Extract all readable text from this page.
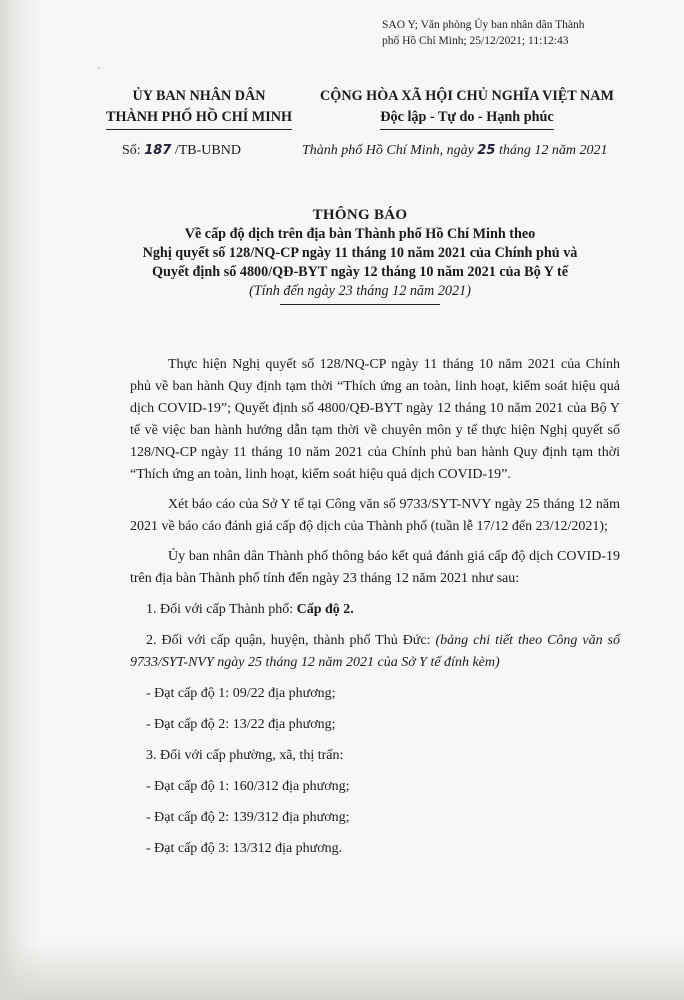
SAO Y; Văn phòng Ủy ban nhân dân Thành
phố Hồ Chí Minh; 25/12/2021; 11:12:43
'
ỦY BAN NHÂN DÂN
THÀNH PHỐ HỒ CHÍ MINH
CỘNG HÒA XÃ HỘI CHỦ NGHĨA VIỆT NAM
Độc lập - Tự do - Hạnh phúc
Số: 187 /TB-UBND	Thành phố Hồ Chí Minh, ngày 25 tháng 12 năm 2021
THÔNG BÁO
Về cấp độ dịch trên địa bàn Thành phố Hồ Chí Minh theo
Nghị quyết số 128/NQ-CP ngày 11 tháng 10 năm 2021 của Chính phủ và
Quyết định số 4800/QĐ-BYT ngày 12 tháng 10 năm 2021 của Bộ Y tế
(Tính đến ngày 23 tháng 12 năm 2021)

Thực hiện Nghị quyết số 128/NQ-CP ngày 11 tháng 10 năm 2021 của Chính phủ về ban hành Quy định tạm thời “Thích ứng an toàn, linh hoạt, kiểm soát hiệu quả dịch COVID-19”; Quyết định số 4800/QĐ-BYT ngày 12 tháng 10 năm 2021 của Bộ Y tế về việc ban hành hướng dẫn tạm thời về chuyên môn y tế thực hiện Nghị quyết số 128/NQ-CP ngày 11 tháng 10 năm 2021 của Chính phủ ban hành Quy định tạm thời “Thích ứng an toàn, linh hoạt, kiểm soát hiệu quả dịch COVID-19”.

Xét báo cáo của Sở Y tế tại Công văn số 9733/SYT-NVY ngày 25 tháng 12 năm 2021 về báo cáo đánh giá cấp độ dịch của Thành phố (tuần lễ 17/12 đến 23/12/2021);

Ủy ban nhân dân Thành phố thông báo kết quả đánh giá cấp độ dịch COVID-19 trên địa bàn Thành phố tính đến ngày 23 tháng 12 năm 2021 như sau:

1. Đối với cấp Thành phố: Cấp độ 2.

2. Đối với cấp quận, huyện, thành phố Thủ Đức: (bảng chi tiết theo Công văn số 9733/SYT-NVY ngày 25 tháng 12 năm 2021 của Sở Y tế đính kèm)

- Đạt cấp độ 1: 09/22 địa phương;

- Đạt cấp độ 2: 13/22 địa phương;

3. Đối với cấp phường, xã, thị trấn:

- Đạt cấp độ 1: 160/312 địa phương;

- Đạt cấp độ 2: 139/312 địa phương;

- Đạt cấp độ 3: 13/312 địa phương.
